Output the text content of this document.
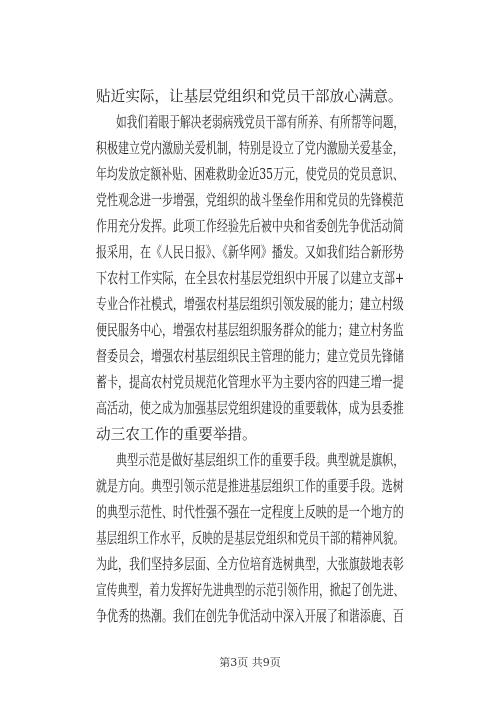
贴近实际，让基层党组织和党员干部放心满意。
如我们着眼于解决老弱病残党员干部有所养、有所帮等问题，
积极建立党内激励关爱机制，特别是设立了党内激励关爱基金，
年均发放定额补贴、困难救助金近35万元，使党员的党员意识、
党性观念进一步增强，党组织的战斗堡垒作用和党员的先锋模范
作用充分发挥。此项工作经验先后被中央和省委创先争优活动简
报采用，在《人民日报》、《新华网》播发。又如我们结合新形势
下农村工作实际，在全县农村基层党组织中开展了以建立支部+
专业合作社模式，增强农村基层组织引领发展的能力；建立村级
便民服务中心，增强农村基层组织服务群众的能力；建立村务监
督委员会，增强农村基层组织民主管理的能力；建立党员先锋储
蓄卡，提高农村党员规范化管理水平为主要内容的四建三增一提
高活动，使之成为加强基层党组织建设的重要载体，成为县委推
动三农工作的重要举措。
典型示范是做好基层组织工作的重要手段。典型就是旗帜，
就是方向。典型引领示范是推进基层组织工作的重要手段。选树
的典型示范性、时代性强不强在一定程度上反映的是一个地方的
基层组织工作水平，反映的是基层党组织和党员干部的精神风貌。
为此，我们坚持多层面、全方位培育选树典型，大张旗鼓地表彰
宣传典型，着力发挥好先进典型的示范引领作用，掀起了创先进、
争优秀的热潮。我们在创先争优活动中深入开展了和谐添鹿、百
第3页 共9页
